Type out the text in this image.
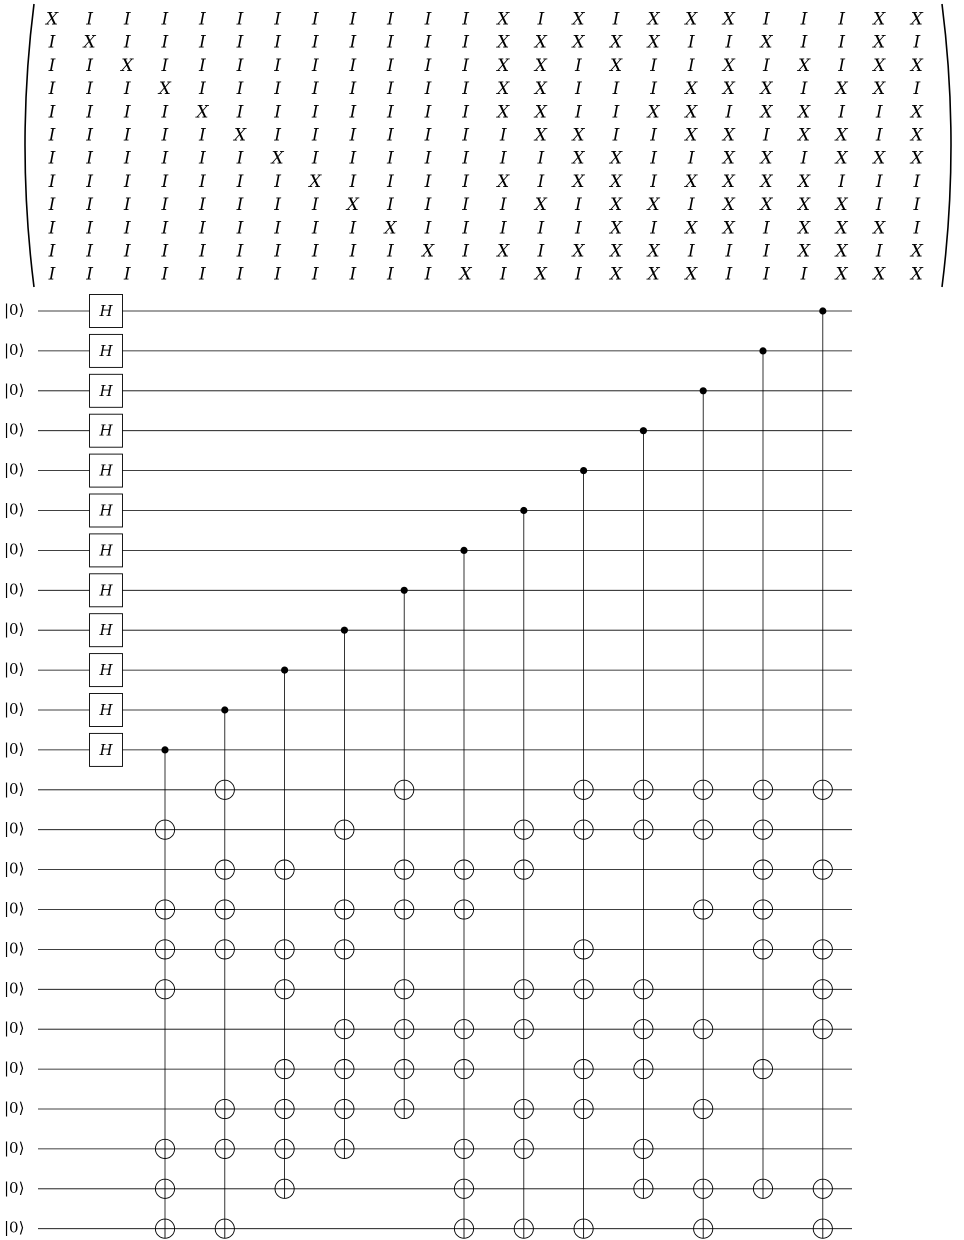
X I I I I I I I I I I I X I X I X X X I I I X X
I X I I I I I I I I I I X X X X X I I X I I X I
I I X I I I I I I I I I X X I X I I X I X I X X
I I I X I I I I I I I I X X I I I X X X I X X I
I I I I X I I I I I I I X X I I X X I X X I I X
I I I I I X I I I I I I I X X I I X X I X X I X
I I I I I I X I I I I I I I X X I I X X I X X X
I I I I I I I X I I I I X I X X I X X X X I I I
I I I I I I I I X I I I I X I X X I X X X X I I
I I I I I I I I I X I I I I I X I X X I X X X I
I I I I I I I I I I X I X I X X X I I I X X I X
I I I I I I I I I I I X I X I X X X I I I X X X
|0⟩
|0⟩
|0⟩
|0⟩
|0⟩
|0⟩
|0⟩
|0⟩
|0⟩
|0⟩
|0⟩
|0⟩
|0⟩
|0⟩
|0⟩
|0⟩
|0⟩
|0⟩
|0⟩
|0⟩
|0⟩
|0⟩
|0⟩
|0⟩
H
H
H
H
H
H
H
H
H
H
H
H
